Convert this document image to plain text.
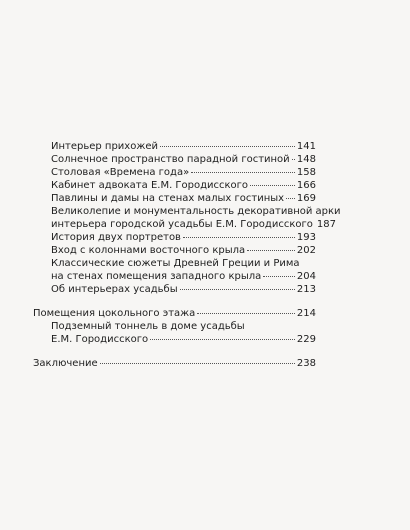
Интерьер прихожей	141
Солнечное пространство парадной гостиной 148
Столовая «Времена года»	158
Кабинет адвоката Е.М. Городисского	166
Павлины и дамы на стенах малых гостиных 169
Великолепие и монументальность декоративной арки
интерьера городской усадьбы Е.М. Городисского 187
История двух портретов	193
Вход с колоннами восточного крыла	202
Классические сюжеты Древней Греции и Рима
на стенах помещения западного крыла	204
Об интерьерах усадьбы	213
Помещения цокольного этажа	214
Подземный тоннель в доме усадьбы
Е.М. Городисского	229
Заключение	238
